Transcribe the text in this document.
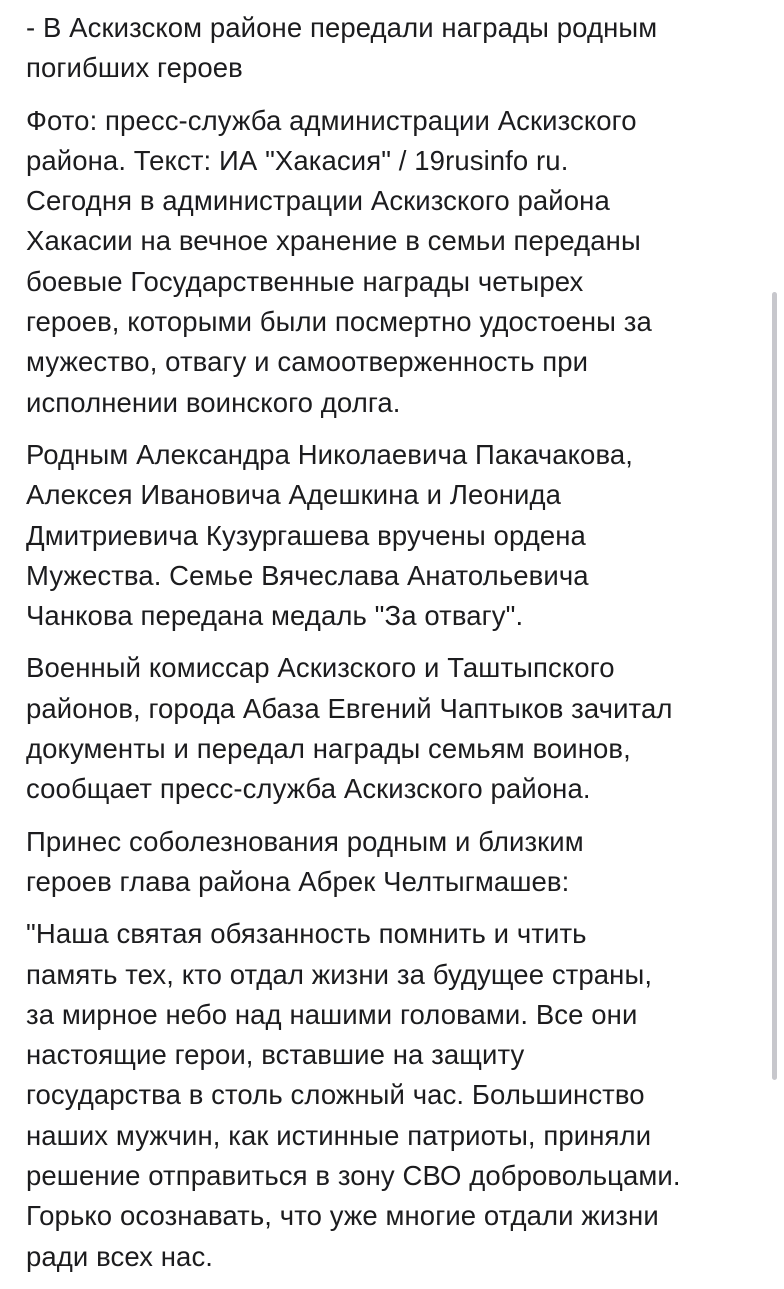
- В Аскизском районе передали награды родным
погибших героев

Фото: пресс-служба администрации Аскизского
района. Текст: ИА "Хакасия" / 19rusinfo ru.
Сегодня в администрации Аскизского района
Хакасии на вечное хранение в семьи переданы
боевые Государственные награды четырех
героев, которыми были посмертно удостоены за
мужество, отвагу и самоотверженность при
исполнении воинского долга.

Родным Александра Николаевича Пакачакова,
Алексея Ивановича Адешкина и Леонида
Дмитриевича Кузургашева вручены ордена
Мужества. Семье Вячеслава Анатольевича
Чанкова передана медаль "За отвагу".

Военный комиссар Аскизского и Таштыпского
районов, города Абаза Евгений Чаптыков зачитал
документы и передал награды семьям воинов,
сообщает пресс-служба Аскизского района.

Принес соболезнования родным и близким
героев глава района Абрек Челтыгмашев:

"Наша святая обязанность помнить и чтить
память тех, кто отдал жизни за будущее страны,
за мирное небо над нашими головами. Все они
настоящие герои, вставшие на защиту
государства в столь сложный час. Большинство
наших мужчин, как истинные патриоты, приняли
решение отправиться в зону СВО добровольцами.
Горько осознавать, что уже многие отдали жизни
ради всех нас.
